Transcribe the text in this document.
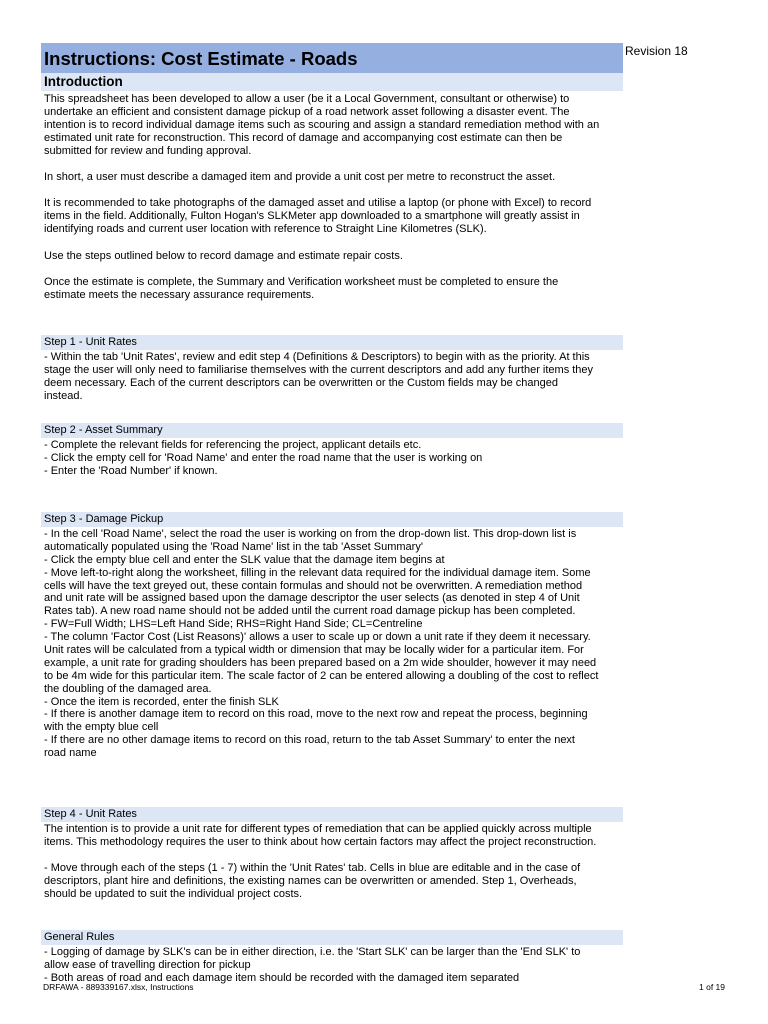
Instructions: Cost Estimate - Roads	Revision 18
Introduction
This spreadsheet has been developed to allow a user (be it a Local Government, consultant or otherwise) to
undertake an efficient and consistent damage pickup of a road network asset following a disaster event. The
intention is to record individual damage items such as scouring and assign a standard remediation method with an
estimated unit rate for reconstruction. This record of damage and accompanying cost estimate can then be
submitted for review and funding approval.
In short, a user must describe a damaged item and provide a unit cost per metre to reconstruct the asset.
It is recommended to take photographs of the damaged asset and utilise a laptop (or phone with Excel) to record
items in the field. Additionally, Fulton Hogan's SLKMeter app downloaded to a smartphone will greatly assist in
identifying roads and current user location with reference to Straight Line Kilometres (SLK).
Use the steps outlined below to record damage and estimate repair costs.
Once the estimate is complete, the Summary and Verification worksheet must be completed to ensure the
estimate meets the necessary assurance requirements.
Step 1 - Unit Rates
- Within the tab 'Unit Rates', review and edit step 4 (Definitions & Descriptors) to begin with as the priority. At this
stage the user will only need to familiarise themselves with the current descriptors and add any further items they
deem necessary. Each of the current descriptors can be overwritten or the Custom fields may be changed
instead.
Step 2 - Asset Summary
- Complete the relevant fields for referencing the project, applicant details etc.
- Click the empty cell for 'Road Name' and enter the road name that the user is working on
- Enter the 'Road Number' if known.
Step 3 - Damage Pickup
- In the cell 'Road Name', select the road the user is working on from the drop-down list. This drop-down list is
automatically populated using the 'Road Name' list in the tab 'Asset Summary'
- Click the empty blue cell and enter the SLK value that the damage item begins at
- Move left-to-right along the worksheet, filling in the relevant data required for the individual damage item. Some
cells will have the text greyed out, these contain formulas and should not be overwritten. A remediation method
and unit rate will be assigned based upon the damage descriptor the user selects (as denoted in step 4 of Unit
Rates tab). A new road name should not be added until the current road damage pickup has been completed.
- FW=Full Width; LHS=Left Hand Side; RHS=Right Hand Side; CL=Centreline
- The column 'Factor Cost (List Reasons)' allows a user to scale up or down a unit rate if they deem it necessary.
Unit rates will be calculated from a typical width or dimension that may be locally wider for a particular item. For
example, a unit rate for grading shoulders has been prepared based on a 2m wide shoulder, however it may need
to be 4m wide for this particular item. The scale factor of 2 can be entered allowing a doubling of the cost to reflect
the doubling of the damaged area.
- Once the item is recorded, enter the finish SLK
- If there is another damage item to record on this road, move to the next row and repeat the process, beginning
with the empty blue cell
- If there are no other damage items to record on this road, return to the tab Asset Summary' to enter the next
road name
Step 4 - Unit Rates
The intention is to provide a unit rate for different types of remediation that can be applied quickly across multiple
items. This methodology requires the user to think about how certain factors may affect the project reconstruction.
- Move through each of the steps (1 - 7) within the 'Unit Rates' tab. Cells in blue are editable and in the case of
descriptors, plant hire and definitions, the existing names can be overwritten or amended. Step 1, Overheads,
should be updated to suit the individual project costs.
General Rules
- Logging of damage by SLK's can be in either direction, i.e. the 'Start SLK' can be larger than the 'End SLK' to
allow ease of travelling direction for pickup
- Both areas of road and each damage item should be recorded with the damaged item separated
DRFAWA - 889339167.xlsx, Instructions	1 of 19
